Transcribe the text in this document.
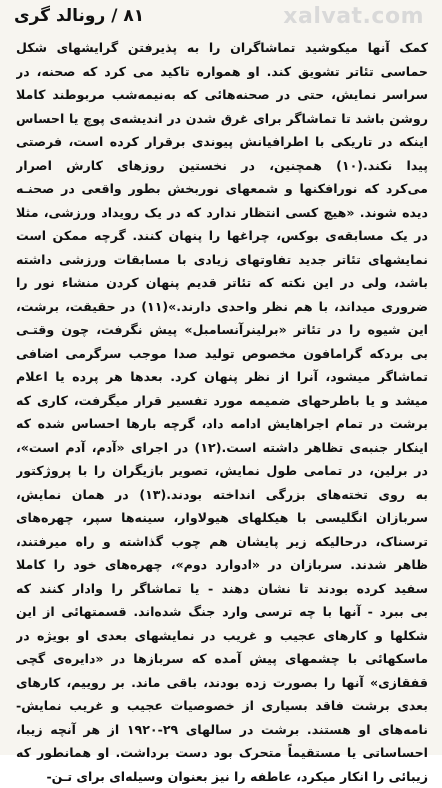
۸۱ / رونالد گری	xalvat.com
کمک آنها میکوشید تماشاگران را به پذیرفتن گرایشهای شکل
حماسی تئاتر تشویق کند. او همواره تاکید می کرد که صحنه، در
سراسر نمایش، حتی در صحنه‌هائی که به‌نیمه‌شب مربوطند کاملا
روشن باشد تا تماشاگر برای غرق شدن در اندیشه‌ی پوچ یا احساس
اینکه در تاریکی با اطرافیانش پیوندی برقرار کرده است، فرصتی
پیدا نکند.(۱۰) همچنین، در نخستین روزهای کارش اصرار
می‌کرد که نورافکنها و شمعهای نوربخش بطور واقعی در صحنـه
دیده شوند. «هیچ کسی انتظار ندارد که در یک رویداد ورزشی، مثلا
در یک مسابقه‌ی بوکس، چراغها را پنهان کنند. گرچه ممکن است
نمایشهای تئاتر جدید تفاوتهای زیادی با مسابقات ورزشی داشته
باشد، ولی در این نکته که تئاتر قدیم پنهان کردن منشاء نور را
ضروری میداند، با هم نظر واحدی دارند.»(۱۱) در حقیقت، برشت،
این شیوه را در تئاتر «برلینرآنسامبل» پیش نگرفت، چون وقتـی
بی بردکه گرامافون مخصوص تولید صدا موجب سرگرمی اضافی
تماشاگر میشود، آنرا از نظر پنهان کرد. بعدها هر پرده یا اعلام
میشد و یا باطرحهای ضمیمه مورد تفسیر قرار میگرفت، کاری که
برشت در تمام اجراهایش ادامه داد، گرچه بارها احساس شده که
اینکار جنبه‌ی تظاهر داشته است.(۱۲) در اجرای «آدم، آدم است»،
در برلین، در تمامی طول نمایش، تصویر بازیگران را با پروژکتور
به روی تخته‌های بزرگی انداخته بودند.(۱۳) در همان نمایش،
سربازان انگلیسی با هیکلهای هیولاوار، سینه‌ها سپر، چهره‌های
ترسناک، درحالیکه زیر پایشان هم چوب گذاشته و راه میرفتند،
ظاهر شدند. سربازان در «ادوارد دوم»، چهره‌های خود را کاملا
سفید کرده بودند تا نشان دهند - یا تماشاگر را وادار کنند که
بی ببرد - آنها با چه ترسی وارد جنگ شده‌اند. قسمتهائی از این
شکلها و کارهای عجیب و غریب در نمایشهای بعدی او بویژه در
ماسکهائی با چشمهای پیش آمده که سربازها در «دایره‌ی گچی
قفقازی» آنها را بصورت زده بودند، باقی ماند. بر روییم، کارهای
بعدی برشت فاقد بسیاری از خصوصیات عجیب و غریب نمایش-
نامه‌های او هستند. برشت در سالهای ۲۹-۱۹۲۰ از هر آنچه زیبا،
احساساتی یا مستقیماً متحرک بود دست برداشت. او همانطور که
زیبائی را انکار میکرد، عاطفه را نیز بعنوان وسیله‌ای برای تـن-
